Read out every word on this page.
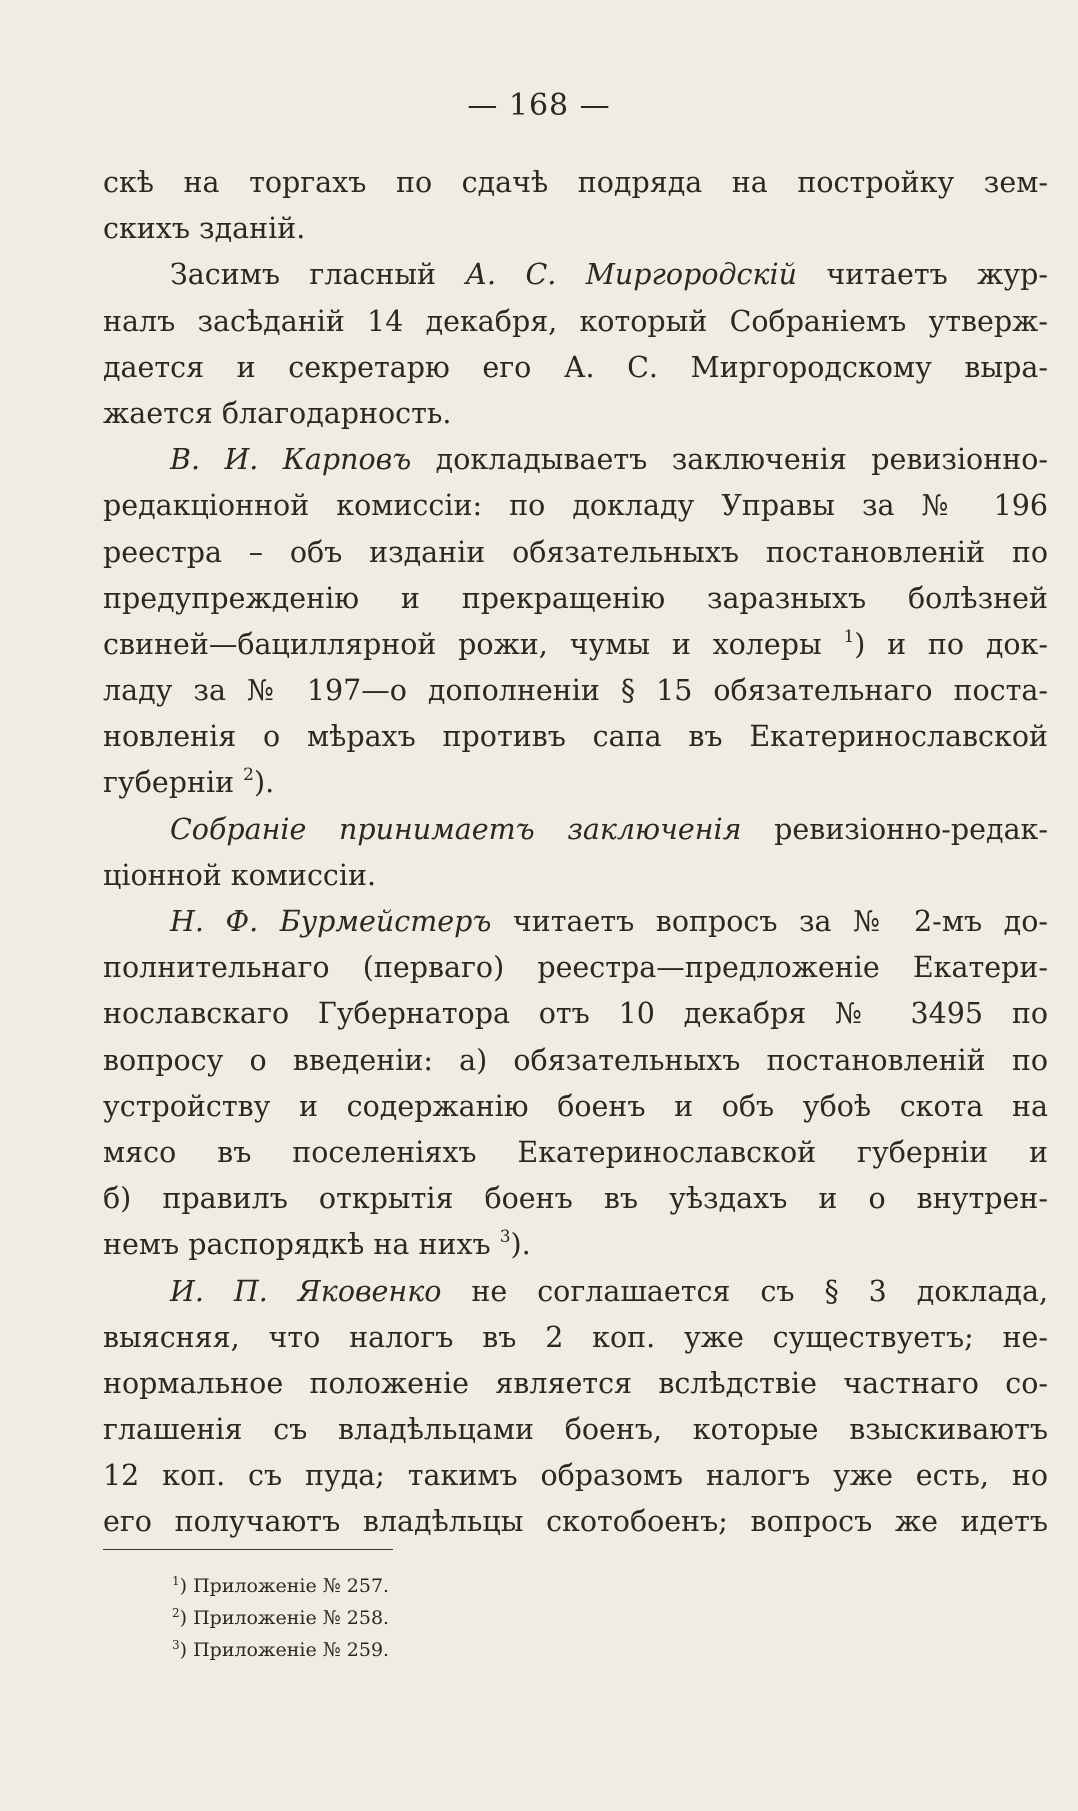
— 168 —
скѣ на торгахъ по сдачѣ подряда на постройку зем-
скихъ зданій.
Засимъ гласный А. С. Миргородскій читаетъ жур-
налъ засѣданій 14 декабря, который Собраніемъ утверж-
дается и секретарю его А. С. Миргородскому выра-
жается благодарность.
В. И. Карповъ докладываетъ заключенія ревизіонно-
редакціонной комиссіи: по докладу Управы за № 196
реестра – объ изданіи обязательныхъ постановленій по
предупрежденію и прекращенію заразныхъ болѣзней
свиней—бациллярной рожи, чумы и холеры $^1$) и по док-
ладу за № 197—о дополненіи § 15 обязательнаго поста-
новленія о мѣрахъ противъ сапа въ Екатеринославской
губерніи $^2$).
Собраніе принимаетъ заключенія ревизіонно-редак-
ціонной комиссіи.
Н. Ф. Бурмейстеръ читаетъ вопросъ за № 2-мъ до-
полнительнаго (перваго) реестра—предложеніе Екатери-
нославскаго Губернатора отъ 10 декабря № 3495 по
вопросу о введеніи: а) обязательныхъ постановленій по
устройству и содержанію боенъ и объ убоѣ скота на
мясо въ поселеніяхъ Екатеринославской губерніи и
б) правилъ открытія боенъ въ уѣздахъ и о внутрен-
немъ распорядкѣ на нихъ $^3$).
И. П. Яковенко не соглашается съ § 3 доклада,
выясняя, что налогъ въ 2 коп. уже существуетъ; не-
нормальное положеніе является вслѣдствіе частнаго со-
глашенія съ владѣльцами боенъ, которые взыскиваютъ
12 коп. съ пуда; такимъ образомъ налогъ уже есть, но
его получаютъ владѣльцы скотобоенъ; вопросъ же идетъ
$^1$) Приложеніе № 257.
$^2$) Приложеніе № 258.
$^3$) Приложеніе № 259.
